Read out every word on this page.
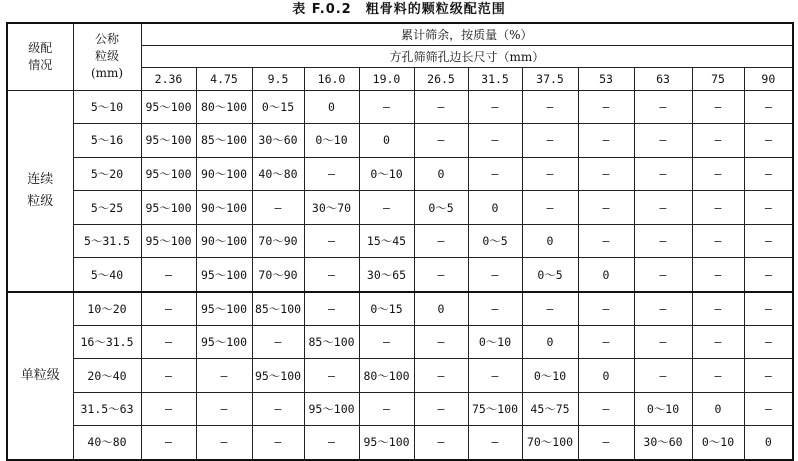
表 F.0.2　粗骨料的颗粒级配范围
级配
情况	公称
粒级
(mm)	累计筛余，按质量（%）											
		方孔筛筛孔边长尺寸（mm）											
		2.36	4.75	9.5	16.0	19.0	26.5	31.5	37.5	53	63	75	90
连续
粒级	5～10	95～100	80～100	0～15	0	—	—	—	—	—	—	—	—
	5～16	95～100	85～100	30～60	0～10	0	—	—	—	—	—	—	—
	5～20	95～100	90～100	40～80	—	0～10	0	—	—	—	—	—	—
	5～25	95～100	90～100	—	30～70	—	0～5	0	—	—	—	—	—
	5～31.5	95～100	90～100	70～90	—	15～45	—	0～5	0	—	—	—	—
	5～40	—	95～100	70～90	—	30～65	—	—	0～5	0	—	—	—
单粒级	10～20	—	95～100	85～100	—	0～15	0	—	—	—	—	—	—
	16～31.5	—	95～100	—	85～100	—	—	0～10	0	—	—	—	—
	20～40	—	—	95～100	—	80～100	—	—	0～10	0	—	—	—
	31.5～63	—	—	—	95～100	—	—	75～100	45～75	—	0～10	0	—
	40～80	—	—	—	—	95～100	—	—	70～100	—	30～60	0～10	0
